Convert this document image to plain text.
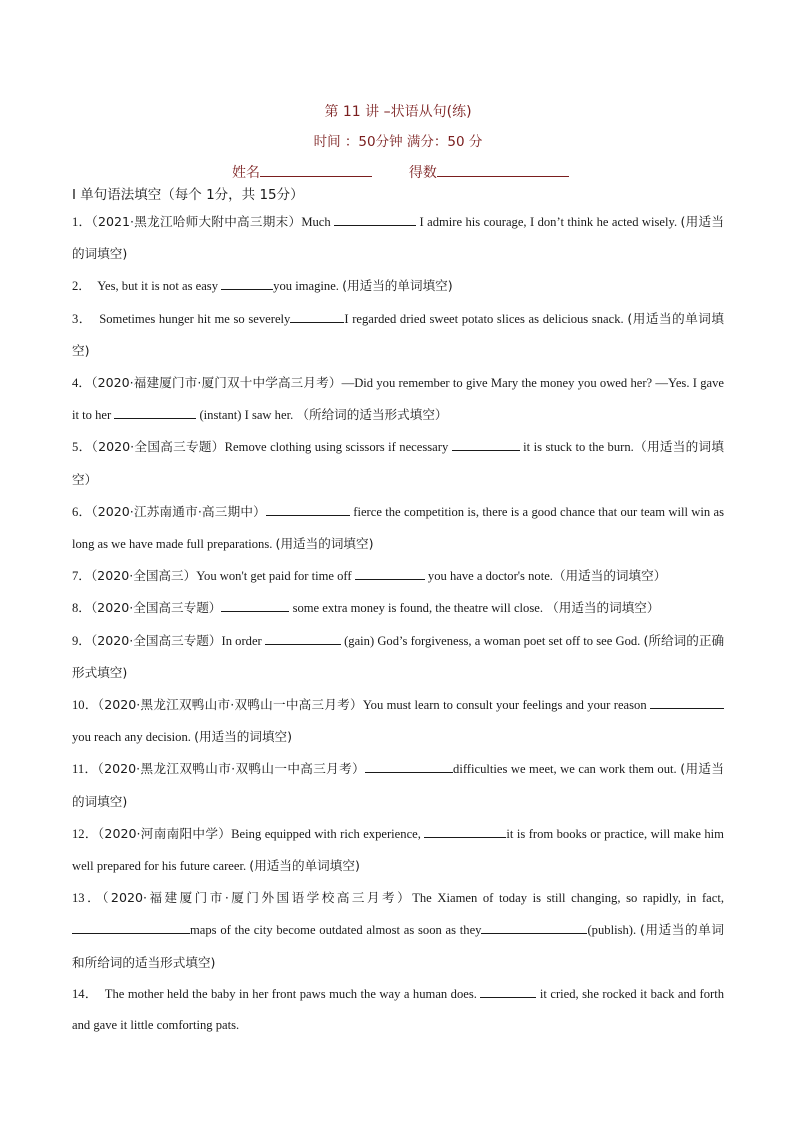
第 11 讲 –状语从句(练)
时间 ：50分钟 满分：50 分
姓名	得数
Ⅰ 单句语法填空（每个 1分，共 15分）
1．（2021·黑龙江哈师大附中高三期末）Much	I admire his courage, I don’t think he acted wisely. (用适当的词填空)
2． Yes, but it is not as easy	you imagine. (用适当的单词填空)
3． Sometimes hunger hit me so severely	I regarded dried sweet potato slices as delicious snack. (用适当的单词填空)
4．（2020·福建厦门市·厦门双十中学高三月考）—Did you remember to give Mary the money you owed her? —Yes. I gave it to her	(instant) I saw her. （所给词的适当形式填空）
5．（2020·全国高三专题）Remove clothing using scissors if necessary	it is stuck to the burn.（用适当的词填空）
6．（2020·江苏南通市·高三期中）	fierce the competition is, there is a good chance that our team will win as long as we have made full preparations. (用适当的词填空)
7．（2020·全国高三）You won't get paid for time off	you have a doctor's note.（用适当的词填空）
8．（2020·全国高三专题）	some extra money is found, the theatre will close. （用适当的词填空）
9．（2020·全国高三专题）In order	(gain) God’s forgiveness, a woman poet set off to see God. (所给词的正确形式填空)
10．（2020·黑龙江双鸭山市·双鸭山一中高三月考）You must learn to consult your feelings and your reason  you reach any decision. (用适当的词填空)
11．（2020·黑龙江双鸭山市·双鸭山一中高三月考）	difficulties we meet, we can work them out. (用适当的词填空)
12．（2020·河南南阳中学）Being equipped with rich experience,	it is from books or practice, will make him well prepared for his future career. (用适当的单词填空)
13．（2020·福建厦门市·厦门外国语学校高三月考）The Xiamen of today is still changing, so rapidly, in fact, maps of the city become outdated almost as soon as they	(publish). (用适当的单词和所给词的适当形式填空)
14． The mother held the baby in her front paws much the way a human does.	it cried, she rocked it back and forth and gave it little comforting pats.
